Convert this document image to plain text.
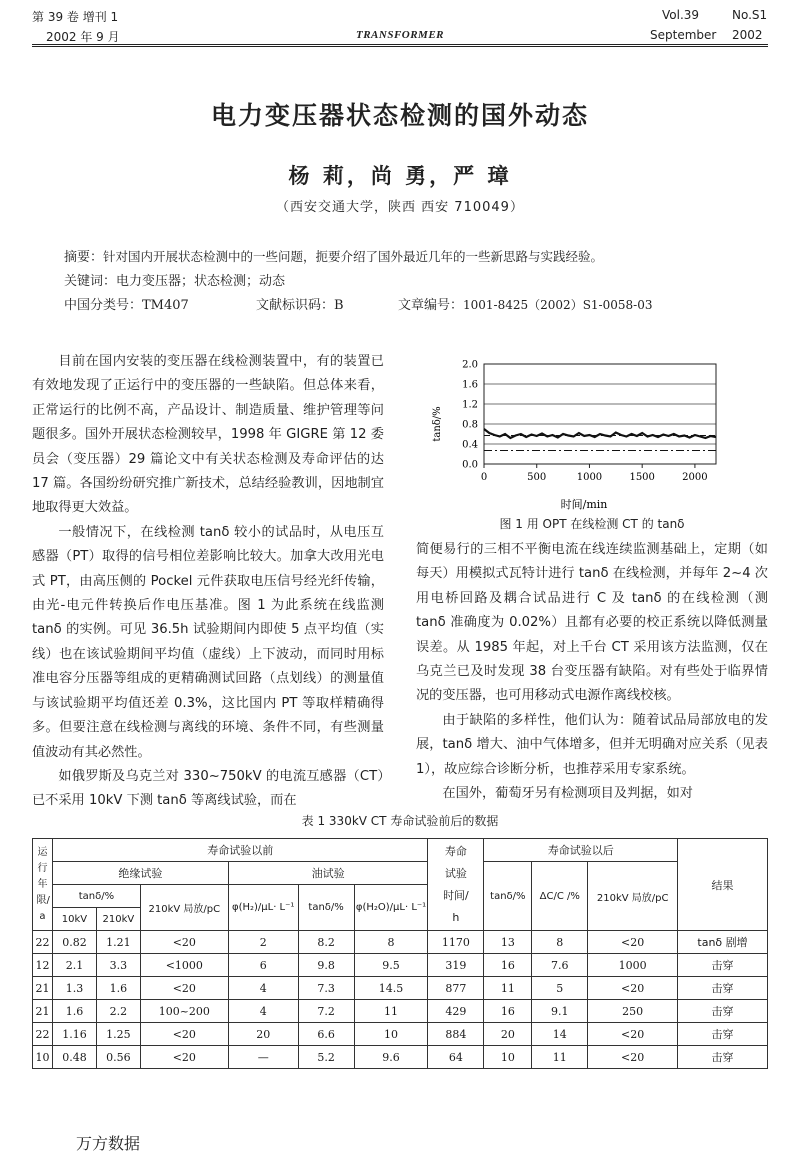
第 39 卷 增刊 1
2002 年 9 月	TRANSFORMER
Vol.39	No.S1
September 2002
电力变压器状态检测的国外动态
杨 莉，尚 勇，严 璋
（西安交通大学，陕西 西安 710049）
摘要：针对国内开展状态检测中的一些问题，扼要介绍了国外最近几年的一些新思路与实践经验。
关键词：电力变压器；状态检测；动态
中国分类号：TM407	文献标识码：B	文章编号：1001-8425（2002）S1-0058-03

目前在国内安装的变压器在线检测装置中，有的装置已有效地发现了正运行中的变压器的一些缺陷。但总体来看，正常运行的比例不高，产品设计、制造质量、维护管理等问题很多。国外开展状态检测较早，1998 年 GIGRE 第 12 委员会（变压器）29 篇论文中有关状态检测及寿命评估的达 17 篇。各国纷纷研究推广新技术，总结经验教训，因地制宜地取得更大效益。

一般情况下，在线检测 tanδ 较小的试品时，从电压互感器（PT）取得的信号相位差影响比较大。加拿大改用光电式 PT，由高压侧的 Pockel 元件获取电压信号经光纤传输，由光-电元件转换后作电压基准。图 1 为此系统在线监测 tanδ 的实例。可见 36.5h 试验期间内即使 5 点平均值（实线）也在该试验期间平均值（虚线）上下波动，而同时用标准电容分压器等组成的更精确测试回路（点划线）的测量值与该试验期平均值还差 0.3%，这比国内 PT 等取样精确得多。但要注意在线检测与离线的环境、条件不同，有些测量值波动有其必然性。

如俄罗斯及乌克兰对 330~750kV 的电流互感器（CT）已不采用 10kV 下测 tanδ 等离线试验，而在

0.0
0.4
0.8
1.2
1.6
2.0
0	500	1000	1500	2000
tanδ/%
时间/min
图 1 用 OPT 在线检测 CT 的 tanδ

简便易行的三相不平衡电流在线连续监测基础上，定期（如每天）用模拟式瓦特计进行 tanδ 在线检测，并每年 2~4 次用电桥回路及耦合试品进行 C 及 tanδ 的在线检测（测 tanδ 准确度为 0.02%）且都有必要的校正系统以降低测量误差。从 1985 年起，对上千台 CT 采用该方法监测，仅在乌克兰已及时发现 38 台变压器有缺陷。对有些处于临界情况的变压器，也可用移动式电源作离线校核。

由于缺陷的多样性，他们认为：随着试品局部放电的发展，tanδ 增大、油中气体增多，但并无明确对应关系（见表 1），故应综合诊断分析，也推荐采用专家系统。

在国外，葡萄牙另有检测项目及判据，如对

表 1 330kV CT 寿命试验前后的数据
运行年限/a	寿命试验以前						寿命试验时间/h	寿命试验以后			结果
	绝缘试验			油试验				tanδ/%	ΔC/C /%	210kV 局放/pC	
	tanδ/%		210kV 局放/pC	φ(H₂)/μL· L⁻¹	tanδ/%	φ(H₂O)/μL· L⁻¹					
	10kV	210kV									
22	0.82	1.21	<20	2	8.2	8	1170	13	8	<20	tanδ 剧增
12	2.1	3.3	<1000	6	9.8	9.5	319	16	7.6	1000	击穿
21	1.3	1.6	<20	4	7.3	14.5	877	11	5	<20	击穿
21	1.6	2.2	100~200	4	7.2	11	429	16	9.1	250	击穿
22	1.16	1.25	<20	20	6.6	10	884	20	14	<20	击穿
10	0.48	0.56	<20	—	5.2	9.6	64	10	11	<20	击穿
万方数据
